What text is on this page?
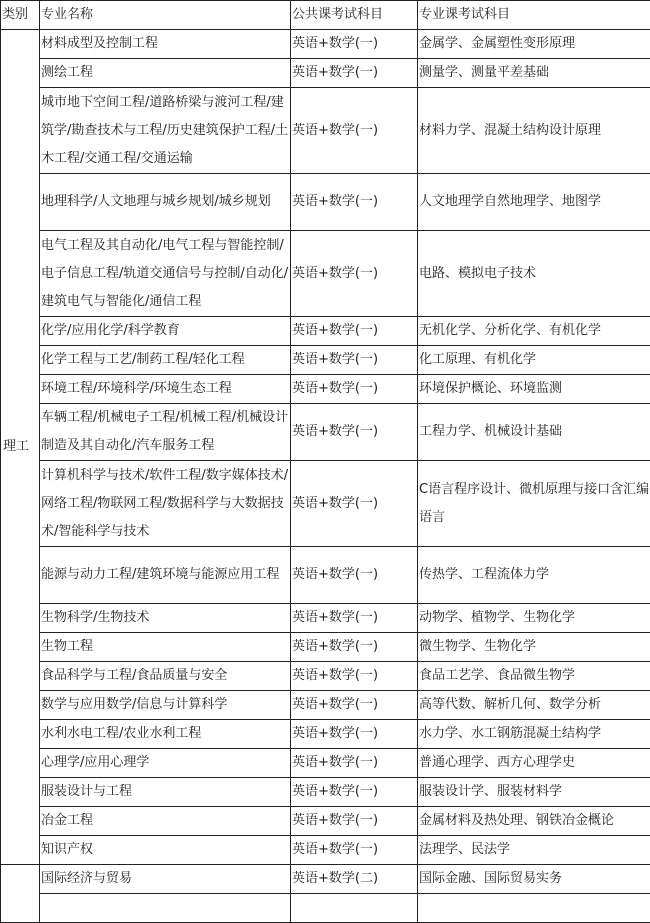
类别	专业名称	公共课考试科目	专业课考试科目
理工	材料成型及控制工程	英语+数学(一)	金属学、金属塑性变形原理
	测绘工程	英语+数学(一)	测量学、测量平差基础
	城市地下空间工程/道路桥梁与渡河工程/建筑学/勘查技术与工程/历史建筑保护工程/土木工程/交通工程/交通运输	英语+数学(一)	材料力学、混凝土结构设计原理
	地理科学/人文地理与城乡规划/城乡规划	英语+数学(一)	人文地理学自然地理学、地图学
	电气工程及其自动化/电气工程与智能控制/电子信息工程/轨道交通信号与控制/自动化/建筑电气与智能化/通信工程	英语+数学(一)	电路、模拟电子技术
	化学/应用化学/科学教育	英语+数学(一)	无机化学、分析化学、有机化学
	化学工程与工艺/制药工程/轻化工程	英语+数学(一)	化工原理、有机化学
	环境工程/环境科学/环境生态工程	英语+数学(一)	环境保护概论、环境监测
	车辆工程/机械电子工程/机械工程/机械设计制造及其自动化/汽车服务工程	英语+数学(一)	工程力学、机械设计基础
	计算机科学与技术/软件工程/数字媒体技术/网络工程/物联网工程/数据科学与大数据技术/智能科学与技术	英语+数学(一)	C语言程序设计、微机原理与接口含汇编语言
	能源与动力工程/建筑环境与能源应用工程	英语+数学(一)	传热学、工程流体力学
	生物科学/生物技术	英语+数学(一)	动物学、植物学、生物化学
	生物工程	英语+数学(一)	微生物学、生物化学
	食品科学与工程/食品质量与安全	英语+数学(一)	食品工艺学、食品微生物学
	数学与应用数学/信息与计算科学	英语+数学(一)	高等代数、解析几何、数学分析
	水利水电工程/农业水利工程	英语+数学(一)	水力学、水工钢筋混凝土结构学
	心理学/应用心理学	英语+数学(一)	普通心理学、西方心理学史
	服装设计与工程	英语+数学(一)	服装设计学、服装材料学
	冶金工程	英语+数学(一)	金属材料及热处理、钢铁冶金概论
	知识产权	英语+数学(一)	法理学、民法学
	国际经济与贸易	英语+数学(二)	国际金融、国际贸易实务
